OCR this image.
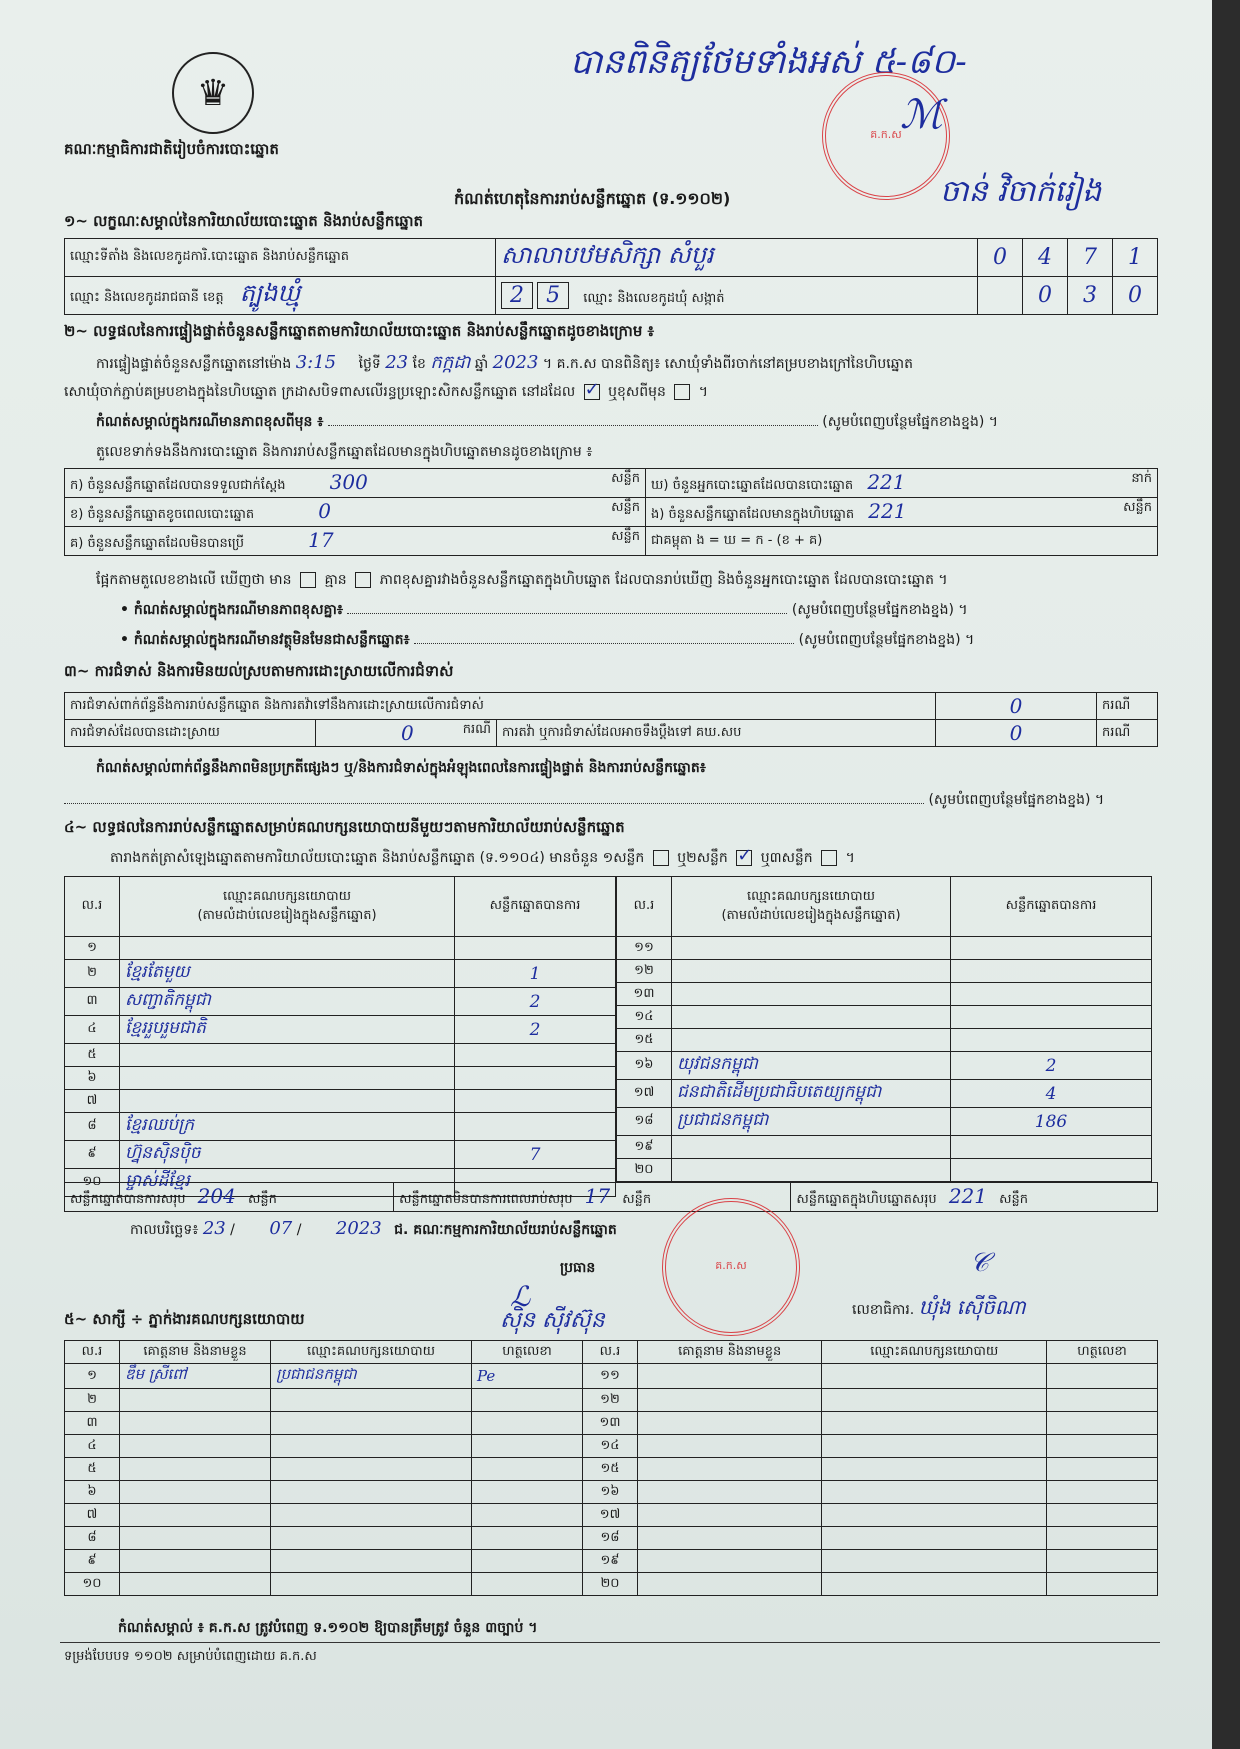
♛
គណៈកម្មាធិការជាតិរៀបចំការបោះឆ្នោត
បានពិនិត្យថែមទាំងអស់ ៥-៨០-
ចាន់ វិចាក់រៀង
គ.ក.ស
ℳ
កំណត់ហេតុនៃការរាប់សន្លឹកឆ្នោត (ទ.១១០២)
១~ លក្ខណៈសម្គាល់នៃការិយាល័យបោះឆ្នោត និងរាប់សន្លឹកឆ្នោត
ឈ្មោះទីតាំង និងលេខកូដការិ.បោះឆ្នោត និងរាប់សន្លឹកឆ្នោត	សាលាបឋមសិក្សា សំបួរ	0	4	7	1
ឈ្មោះ និងលេខកូដរាជធានី ខេត្ត ត្បូងឃ្មុំ	2 5 ឈ្មោះ និងលេខកូដឃុំ សង្កាត់		0	3	0
២~ លទ្ធផលនៃការផ្ទៀងផ្ទាត់ចំនួនសន្លឹកឆ្នោតតាមការិយាល័យបោះឆ្នោត និងរាប់សន្លឹកឆ្នោតដូចខាងក្រោម ៖
ការផ្ទៀងផ្ទាត់ចំនួនសន្លឹកឆ្នោតនៅម៉ោង 3:15 ថ្ងៃទី 23 ខែ កក្កដា ឆ្នាំ 2023 ។ គ.ក.ស បានពិនិត្យ៖ សោឃុំទាំងពីរចាក់នៅគម្របខាងក្រៅនៃហិបឆ្នោត
សោឃុំចាក់ភ្ជាប់គម្របខាងក្នុងនៃហិបឆ្នោត ក្រដាសបិទពាសលើរន្ធប្រឡោះសិកសន្លឹកឆ្នោត នៅដដែល ✓ ឬខុសពីមុន  ។
កំណត់សម្គាល់ក្នុងករណីមានភាពខុសពីមុន ៖	(សូមបំពេញបន្ថែមផ្នែកខាងខ្នង) ។
តួលេខទាក់ទងនឹងការបោះឆ្នោត និងការរាប់សន្លឹកឆ្នោតដែលមានក្នុងហិបឆ្នោតមានដូចខាងក្រោម ៖
ក) ចំនួនសន្លឹកឆ្នោតដែលបានទទួលជាក់ស្តែង 300 សន្លឹក	ឃ) ចំនួនអ្នកបោះឆ្នោតដែលបានបោះឆ្នោត 221 នាក់

ខ) ចំនួនសន្លឹកឆ្នោតខូចពេលបោះឆ្នោត 0 សន្លឹក	ង) ចំនួនសន្លឹកឆ្នោតដែលមានក្នុងហិបឆ្នោត 221 សន្លឹក

គ) ចំនួនសន្លឹកឆ្នោតដែលមិនបានប្រើ 17 សន្លឹក	ជាគម្ពុតា ង = ឃ = ក - (ខ + គ)
ផ្អែកតាមតួលេខខាងលើ ឃើញថា មាន គ្មាន ភាពខុសគ្នារវាងចំនួនសន្លឹកឆ្នោតក្នុងហិបឆ្នោត ដែលបានរាប់ឃើញ និងចំនួនអ្នកបោះឆ្នោត ដែលបានបោះឆ្នោត ។
• កំណត់សម្គាល់ក្នុងករណីមានភាពខុសគ្នា៖	(សូមបំពេញបន្ថែមផ្នែកខាងខ្នង) ។
• កំណត់សម្គាល់ក្នុងករណីមានវត្ថុមិនមែនជាសន្លឹកឆ្នោត៖	(សូមបំពេញបន្ថែមផ្នែកខាងខ្នង) ។
៣~ ការជំទាស់ និងការមិនយល់ស្របតាមការដោះស្រាយលើការជំទាស់
ការជំទាស់ពាក់ព័ន្ធនឹងការរាប់សន្លឹកឆ្នោត និងការតវ៉ាទៅនឹងការដោះស្រាយលើការជំទាស់			0	ករណី
ការជំទាស់ដែលបានដោះស្រាយ	0 ករណី	ការតវ៉ា ឬការជំទាស់ដែលអាចទឹងប្តឹងទៅ គឃ.សប	0	ករណី
កំណត់សម្គាល់ពាក់ព័ន្ធនឹងភាពមិនប្រក្រតីផ្សេងៗ ឬ/និងការជំទាស់ក្នុងអំឡុងពេលនៃការផ្ទៀងផ្ទាត់ និងការរាប់សន្លឹកឆ្នោត៖
(សូមបំពេញបន្ថែមផ្នែកខាងខ្នង) ។
៤~ លទ្ធផលនៃការរាប់សន្លឹកឆ្នោតសម្រាប់គណបក្សនយោបាយនីមួយៗតាមការិយាល័យរាប់សន្លឹកឆ្នោត
តារាងកត់ត្រាសំឡេងឆ្នោតតាមការិយាល័យបោះឆ្នោត និងរាប់សន្លឹកឆ្នោត (ទ.១១០៤) មានចំនួន ១សន្លឹក ឬ២សន្លឹក ✓ ឬ៣សន្លឹក  ។
ល.រ	ឈ្មោះគណបក្សនយោបាយ
(តាមលំដាប់លេខរៀងក្នុងសន្លឹកឆ្នោត)	សន្លឹកឆ្នោតបានការ
១		
២	ខ្មែរតែមួយ	1
៣	សញ្ជាតិកម្ពុជា	2
៤	ខ្មែររួបរួមជាតិ	2
៥		
៦		
៧		
៨	ខ្មែរឈប់ក្រ	
៩	ហ្វ៊ុនស៊ិនប៉ិច	7
១០	ម្ចាស់ដីខ្មែរ	
ល.រ	ឈ្មោះគណបក្សនយោបាយ
(តាមលំដាប់លេខរៀងក្នុងសន្លឹកឆ្នោត)	សន្លឹកឆ្នោតបានការ
១១		
១២		
១៣		
១៤		
១៥		
១៦	យុវជនកម្ពុជា	2
១៧	ជនជាតិដើមប្រជាធិបតេយ្យកម្ពុជា	4
១៨	ប្រជាជនកម្ពុជា	186
១៩		
២០		
សន្លឹកឆ្នោតបានការសរុប 204 សន្លឹក	សន្លឹកឆ្នោតមិនបានការពេលរាប់សរុប 17 សន្លឹក	សន្លឹកឆ្នោតក្នុងហិបឆ្នោតសរុប 221 សន្លឹក
កាលបរិច្ឆេទ៖ 23 / 07 / 2023 ជ. គណៈកម្មការការិយាល័យរាប់សន្លឹកឆ្នោត
គ.ក.ស
ប្រធាន
ℒ
ស៊ិន ស៊ីវស៊ុន
𝒞
លេខាធិការ. ឃុំង ស៊ើចិណា
៥~ សាក្សី ÷ ភ្នាក់ងារគណបក្សនយោបាយ
ល.រ	គោត្តនាម និងនាមខ្លួន	ឈ្មោះគណបក្សនយោបាយ	ហត្ថលេខា	ល.រ	គោត្តនាម និងនាមខ្លួន	ឈ្មោះគណបក្សនយោបាយ	ហត្ថលេខា
១	ឌឹម ស្រីពៅ	ប្រជាជនកម្ពុជា	Pe	១១			
២				១២			
៣				១៣			
៤				១៤			
៥				១៥			
៦				១៦			
៧				១៧			
៨				១៨			
៩				១៩			
១០				២០			
កំណត់សម្គាល់ ៖ គ.ក.ស ត្រូវបំពេញ ទ.១១០២ ឱ្យបានត្រឹមត្រូវ ចំនួន ៣ច្បាប់ ។
ទម្រង់បែបបទ ១១០២ សម្រាប់បំពេញដោយ គ.ក.ស
